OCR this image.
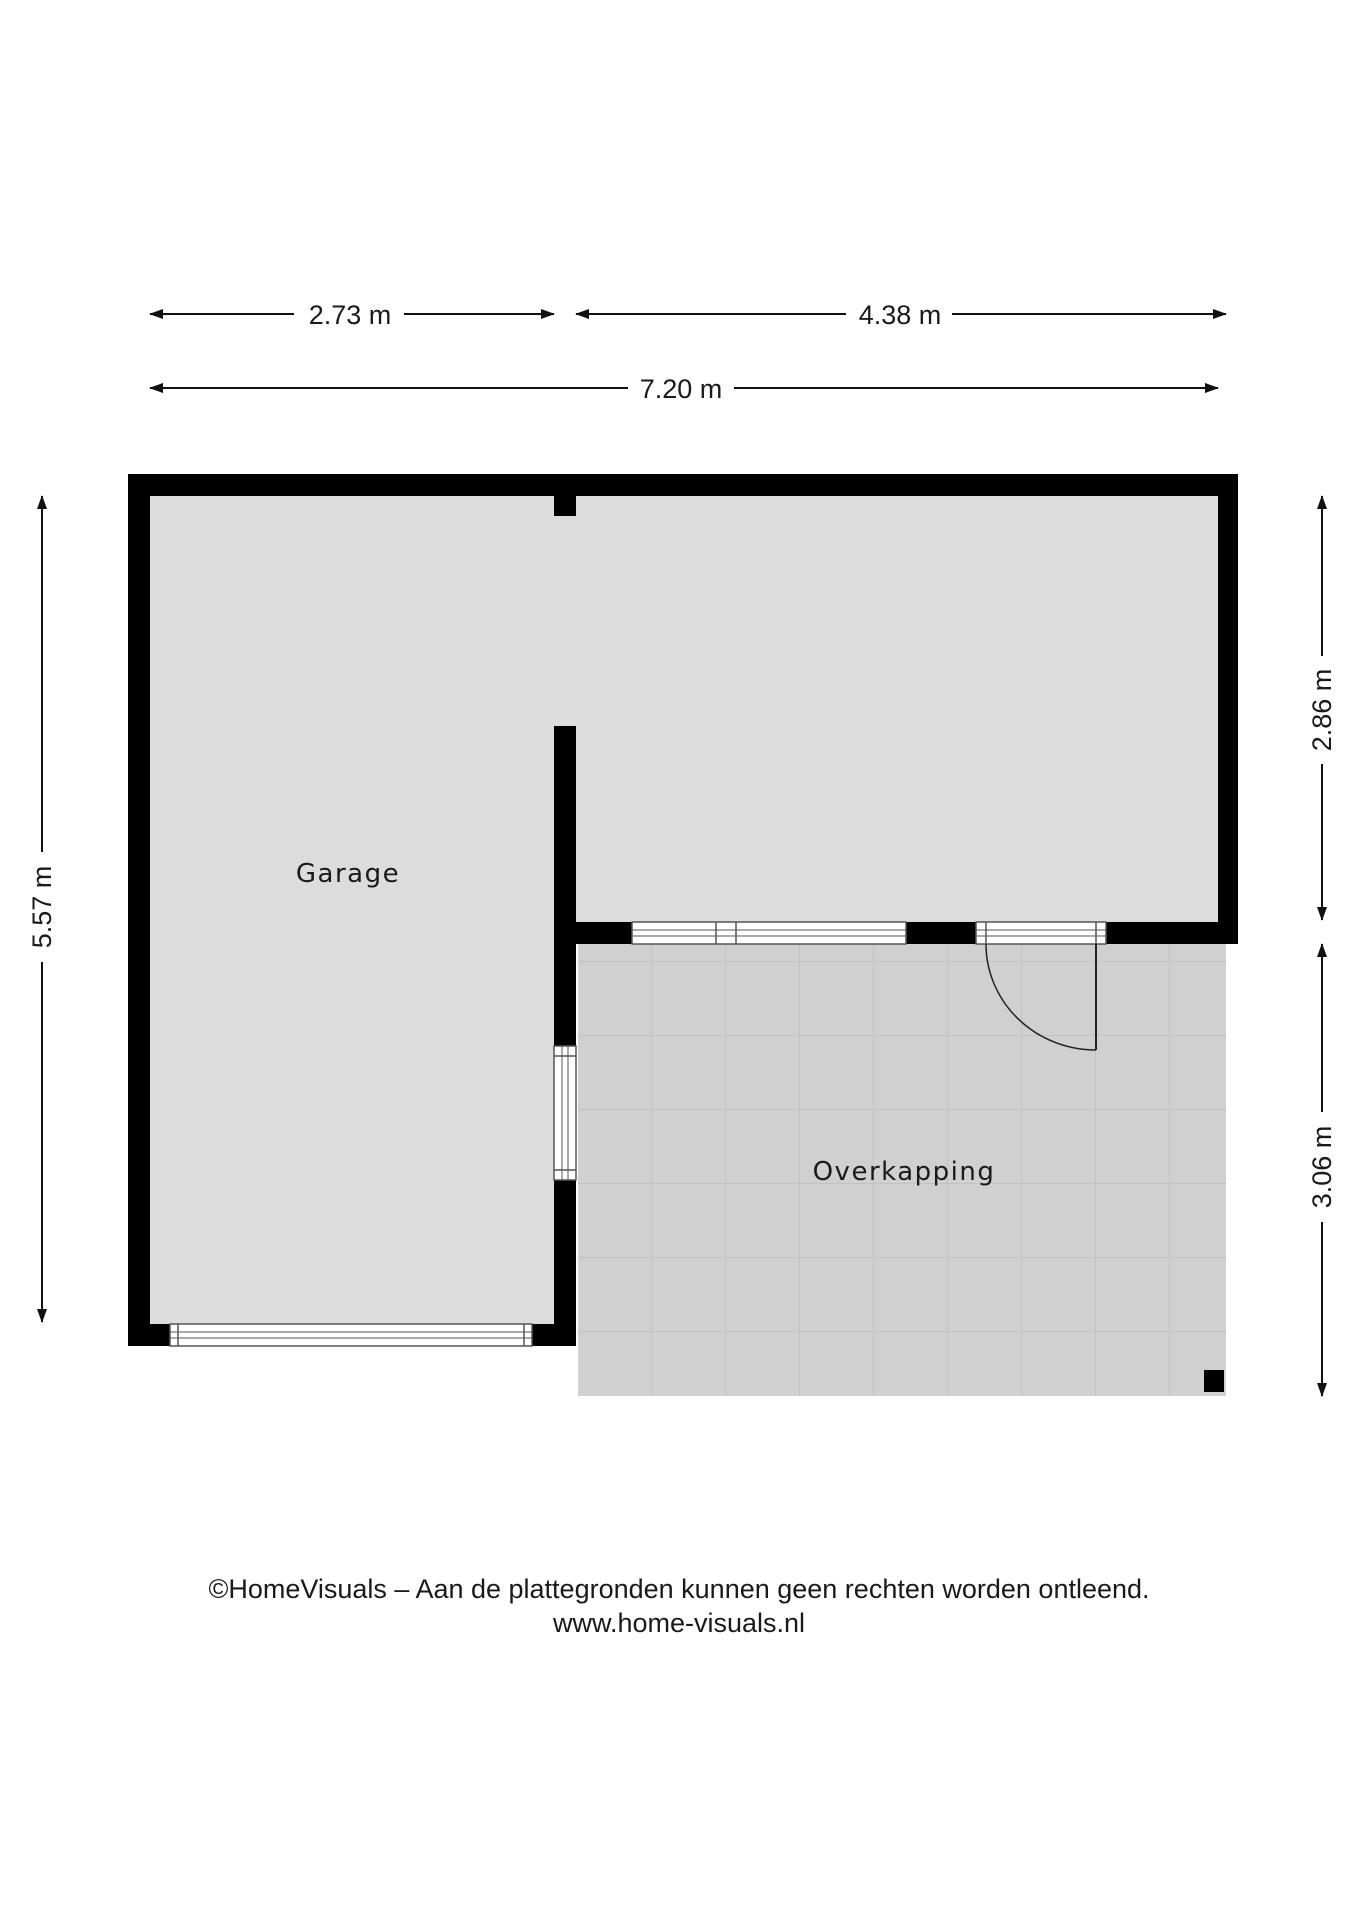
2.73 m	4.38 m
7.20 m
5.57 m
2.86 m
3.06 m
Garage
Overkapping
©HomeVisuals – Aan de plattegronden kunnen geen rechten worden ontleend.
www.home-visuals.nl
